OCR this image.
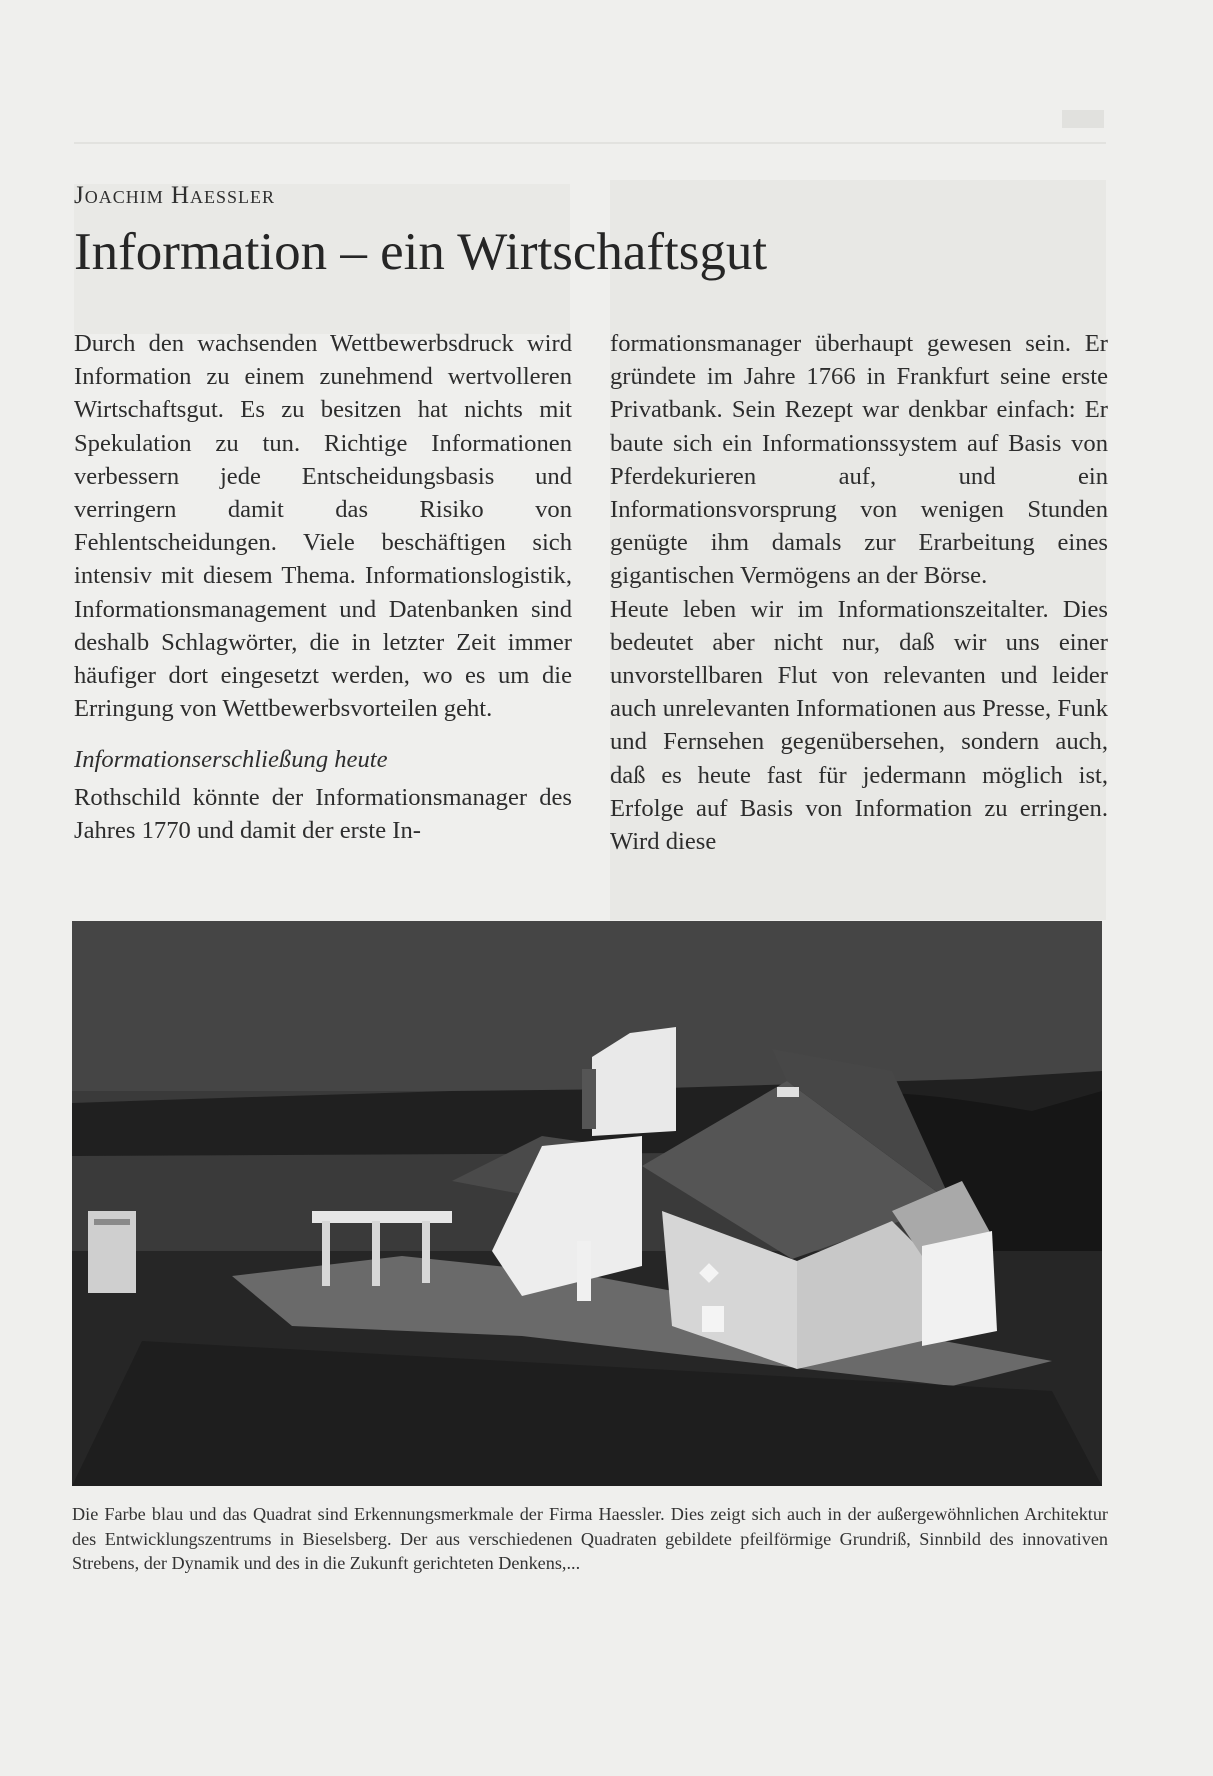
Joachim Haessler

Information – ein Wirtschaftsgut

Durch den wachsenden Wettbewerbsdruck wird Information zu einem zunehmend wertvolleren Wirtschaftsgut. Es zu besitzen hat nichts mit Spekulation zu tun. Richtige Informationen verbessern jede Entscheidungsbasis und verringern damit das Risiko von Fehlentscheidungen. Viele beschäftigen sich intensiv mit diesem Thema. Informationslogistik, Informationsmanagement und Datenbanken sind deshalb Schlagwörter, die in letzter Zeit immer häufiger dort eingesetzt werden, wo es um die Erringung von Wettbewerbsvorteilen geht.

Informationserschließung heute

Rothschild könnte der Informationsmanager des Jahres 1770 und damit der erste In-

formationsmanager überhaupt gewesen sein. Er gründete im Jahre 1766 in Frankfurt seine erste Privatbank. Sein Rezept war denkbar einfach: Er baute sich ein Informationssystem auf Basis von Pferdekurieren auf, und ein Informationsvorsprung von wenigen Stunden genügte ihm damals zur Erarbeitung eines gigantischen Vermögens an der Börse.

Heute leben wir im Informationszeitalter. Dies bedeutet aber nicht nur, daß wir uns einer unvorstellbaren Flut von relevanten und leider auch unrelevanten Informationen aus Presse, Funk und Fernsehen gegenübersehen, sondern auch, daß es heute fast für jedermann möglich ist, Erfolge auf Basis von Information zu erringen. Wird diese

Die Farbe blau und das Quadrat sind Erkennungsmerkmale der Firma Haessler. Dies zeigt sich auch in der außergewöhnlichen Architektur des Entwicklungszentrums in Bieselsberg. Der aus verschiedenen Quadraten gebildete pfeilförmige Grundriß, Sinnbild des innovativen Strebens, der Dynamik und des in die Zukunft gerichteten Denkens,...
